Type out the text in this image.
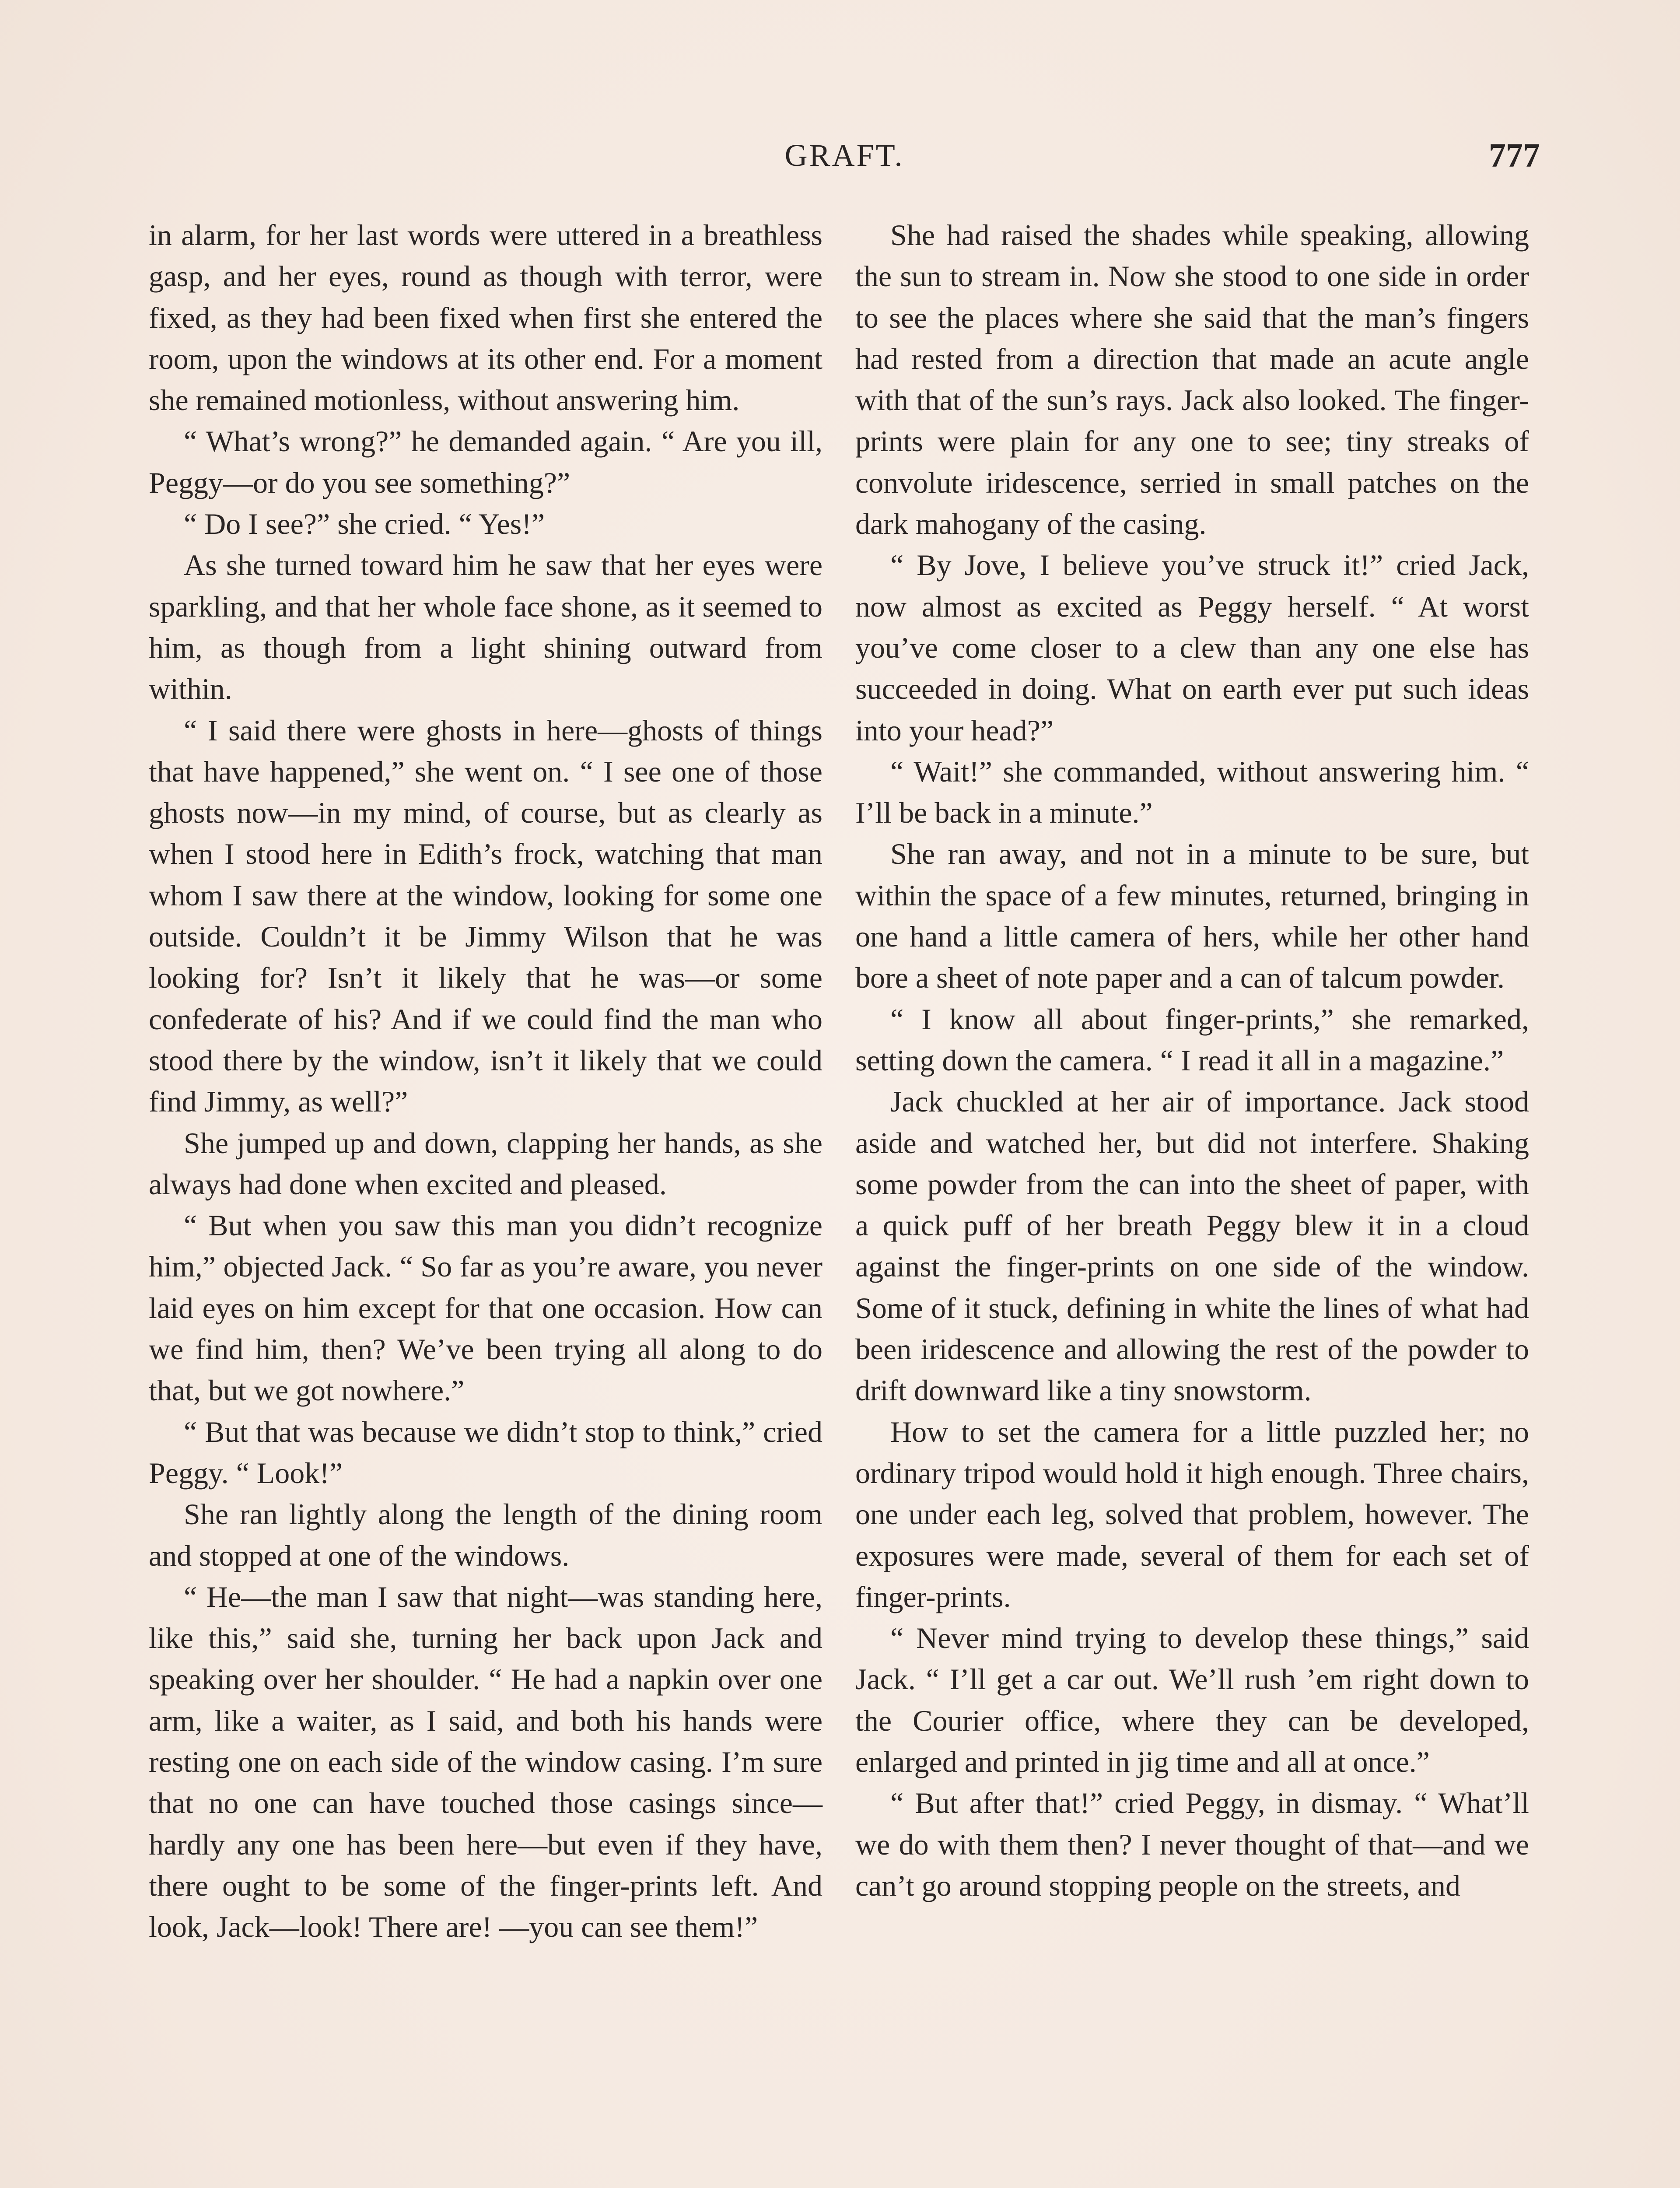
GRAFT.	777

in alarm, for her last words were uttered in a breathless gasp, and her eyes, round as though with terror, were fixed, as they had been fixed when first she entered the room, upon the windows at its other end. For a moment she remained motionless, without answering him.

“ What’s wrong?” he demanded again. “ Are you ill, Peggy—or do you see something?”

“ Do I see?” she cried. “ Yes!”

As she turned toward him he saw that her eyes were sparkling, and that her whole face shone, as it seemed to him, as though from a light shining outward from within.

“ I said there were ghosts in here—ghosts of things that have happened,” she went on. “ I see one of those ghosts now—in my mind, of course, but as clearly as when I stood here in Edith’s frock, watching that man whom I saw there at the window, looking for some one outside. Couldn’t it be Jimmy Wilson that he was looking for? Isn’t it likely that he was—or some confederate of his? And if we could find the man who stood there by the window, isn’t it likely that we could find Jimmy, as well?”

She jumped up and down, clapping her hands, as she always had done when excited and pleased.

“ But when you saw this man you didn’t recognize him,” objected Jack. “ So far as you’re aware, you never laid eyes on him except for that one occasion. How can we find him, then? We’ve been trying all along to do that, but we got nowhere.”

“ But that was because we didn’t stop to think,” cried Peggy. “ Look!”

She ran lightly along the length of the dining room and stopped at one of the windows.

“ He—the man I saw that night—was standing here, like this,” said she, turning her back upon Jack and speaking over her shoulder. “ He had a napkin over one arm, like a waiter, as I said, and both his hands were resting one on each side of the window casing. I’m sure that no one can have touched those casings since—hardly any one has been here—but even if they have, there ought to be some of the finger-prints left. And look, Jack—look! There are! —you can see them!”

She had raised the shades while speaking, allowing the sun to stream in. Now she stood to one side in order to see the places where she said that the man’s fingers had rested from a direction that made an acute angle with that of the sun’s rays. Jack also looked. The finger-prints were plain for any one to see; tiny streaks of convolute iridescence, serried in small patches on the dark mahogany of the casing.

“ By Jove, I believe you’ve struck it!” cried Jack, now almost as excited as Peggy herself. “ At worst you’ve come closer to a clew than any one else has succeeded in doing. What on earth ever put such ideas into your head?”

“ Wait!” she commanded, without answering him. “ I’ll be back in a minute.”

She ran away, and not in a minute to be sure, but within the space of a few minutes, returned, bringing in one hand a little camera of hers, while her other hand bore a sheet of note paper and a can of talcum powder.

“ I know all about finger-prints,” she remarked, setting down the camera. “ I read it all in a magazine.”

Jack chuckled at her air of importance. Jack stood aside and watched her, but did not interfere. Shaking some powder from the can into the sheet of paper, with a quick puff of her breath Peggy blew it in a cloud against the finger-prints on one side of the window. Some of it stuck, defining in white the lines of what had been iridescence and allowing the rest of the powder to drift downward like a tiny snowstorm.

How to set the camera for a little puzzled her; no ordinary tripod would hold it high enough. Three chairs, one under each leg, solved that problem, however. The exposures were made, several of them for each set of finger-prints.

“ Never mind trying to develop these things,” said Jack. “ I’ll get a car out. We’ll rush ’em right down to the Courier office, where they can be developed, enlarged and printed in jig time and all at once.”

“ But after that!” cried Peggy, in dismay. “ What’ll we do with them then? I never thought of that—and we can’t go around stopping people on the streets, and
